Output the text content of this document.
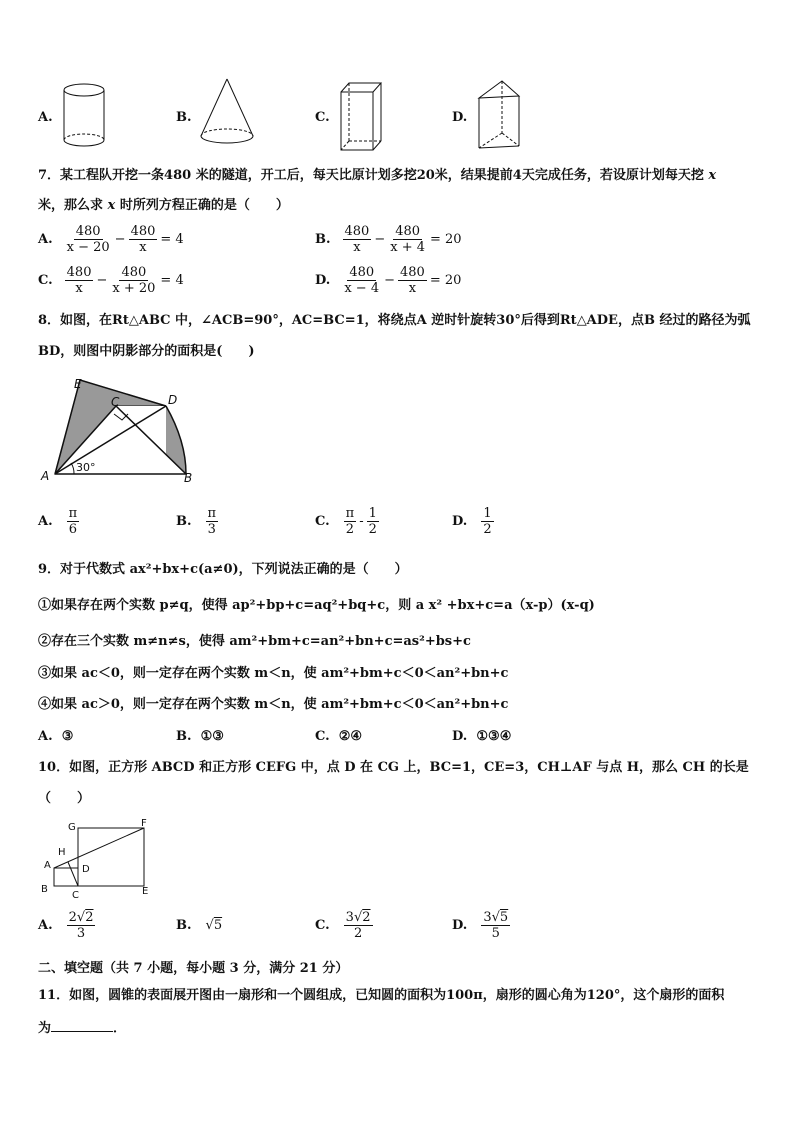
A.	B.	C.	D.
7．某工程队开挖一条480 米的隧道，开工后，每天比原计划多挖20米，结果提前4天完成任务，若设原计划每天挖 x
米，那么求 x 时所列方程正确的是（　　）
A. $\frac{480}{x - 20} - \frac{480}{x} = 4$	B. $\frac{480}{x} - \frac{480}{x + 4} = 20$
C. $\frac{480}{x} - \frac{480}{x + 20} = 4$	D. $\frac{480}{x - 4} - \frac{480}{x} = 20$
8．如图，在Rt△ABC 中，∠ACB=90°，AC=BC=1，将绕点A 逆时针旋转30°后得到Rt△ADE，点B 经过的路径为弧
BD，则图中阴影部分的面积是(　　)
E
C	D
A	B
30°
A. $\frac{\pi}{6}$	B. $\frac{\pi}{3}$	C. $\frac{\pi}{2} - \frac{1}{2}$	D. $\frac{1}{2}$
9．对于代数式 ax²+bx+c(a≠0)，下列说法正确的是（　　）
①如果存在两个实数 p≠q，使得 ap²+bp+c=aq²+bq+c，则 a x² +bx+c=a（x-p）(x-q)
②存在三个实数 m≠n≠s，使得 am²+bm+c=an²+bn+c=as²+bs+c
③如果 ac＜0，则一定存在两个实数 m＜n，使 am²+bm+c＜0＜an²+bn+c
④如果 ac＞0，则一定存在两个实数 m＜n，使 am²+bm+c＜0＜an²+bn+c
A. ③	B. ①③	C. ②④	D. ①③④
10．如图，正方形 ABCD 和正方形 CEFG 中，点 D 在 CG 上，BC=1，CE=3，CH⊥AF 与点 H，那么 CH 的长是
（　　）
G	F
H
A	D
B
C	E
A. $\frac{2√2}{3}$	B. √5	C. $\frac{3√2}{2}$	D. $\frac{3√5}{5}$
二、填空题（共 7 小题，每小题 3 分，满分 21 分）
11．如图，圆锥的表面展开图由一扇形和一个圆组成，已知圆的面积为100π，扇形的圆心角为120°，这个扇形的面积
为	．
